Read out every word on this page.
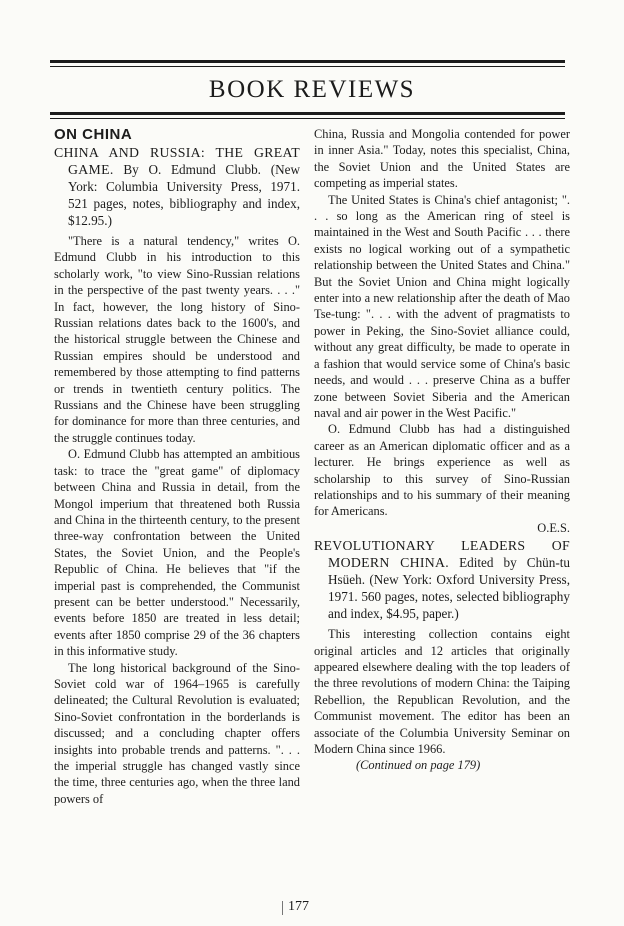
BOOK REVIEWS

ON CHINA

CHINA AND RUSSIA: THE GREAT GAME. By O. Edmund Clubb. (New York: Columbia University Press, 1971. 521 pages, notes, bibliography and index, $12.95.)

"There is a natural tendency," writes O. Edmund Clubb in his introduction to this scholarly work, "to view Sino-Russian relations in the perspective of the past twenty years. . . ." In fact, however, the long history of Sino-Russian relations dates back to the 1600's, and the historical struggle between the Chinese and Russian empires should be understood and remembered by those attempting to find patterns or trends in twentieth century politics. The Russians and the Chinese have been struggling for dominance for more than three centuries, and the struggle continues today.

O. Edmund Clubb has attempted an ambitious task: to trace the "great game" of diplomacy between China and Russia in detail, from the Mongol imperium that threatened both Russia and China in the thirteenth century, to the present three-way confrontation between the United States, the Soviet Union, and the People's Republic of China. He believes that "if the imperial past is comprehended, the Communist present can be better understood." Necessarily, events before 1850 are treated in less detail; events after 1850 comprise 29 of the 36 chapters in this informative study.

The long historical background of the Sino-Soviet cold war of 1964–1965 is carefully delineated; the Cultural Revolution is evaluated; Sino-Soviet confrontation in the borderlands is discussed; and a concluding chapter offers insights into probable trends and patterns. ". . . the imperial struggle has changed vastly since the time, three centuries ago, when the three land powers of

China, Russia and Mongolia contended for power in inner Asia." Today, notes this specialist, China, the Soviet Union and the United States are competing as imperial states.

The United States is China's chief antagonist; ". . . so long as the American ring of steel is maintained in the West and South Pacific . . . there exists no logical working out of a sympathetic relationship between the United States and China." But the Soviet Union and China might logically enter into a new relationship after the death of Mao Tse-tung: ". . . with the advent of pragmatists to power in Peking, the Sino-Soviet alliance could, without any great difficulty, be made to operate in a fashion that would service some of China's basic needs, and would . . . preserve China as a buffer zone between Soviet Siberia and the American naval and air power in the West Pacific."

O. Edmund Clubb has had a distinguished career as an American diplomatic officer and as a lecturer. He brings experience as well as scholarship to this survey of Sino-Russian relationships and to his summary of their meaning for Americans.

O.E.S.

REVOLUTIONARY LEADERS OF MODERN CHINA. Edited by Chün-tu Hsüeh. (New York: Oxford University Press, 1971. 560 pages, notes, selected bibliography and index, $4.95, paper.)

This interesting collection contains eight original articles and 12 articles that originally appeared elsewhere dealing with the top leaders of the three revolutions of modern China: the Taiping Rebellion, the Republican Revolution, and the Communist movement. The editor has been an associate of the Columbia University Seminar on Modern China since 1966.

(Continued on page 179)

177
